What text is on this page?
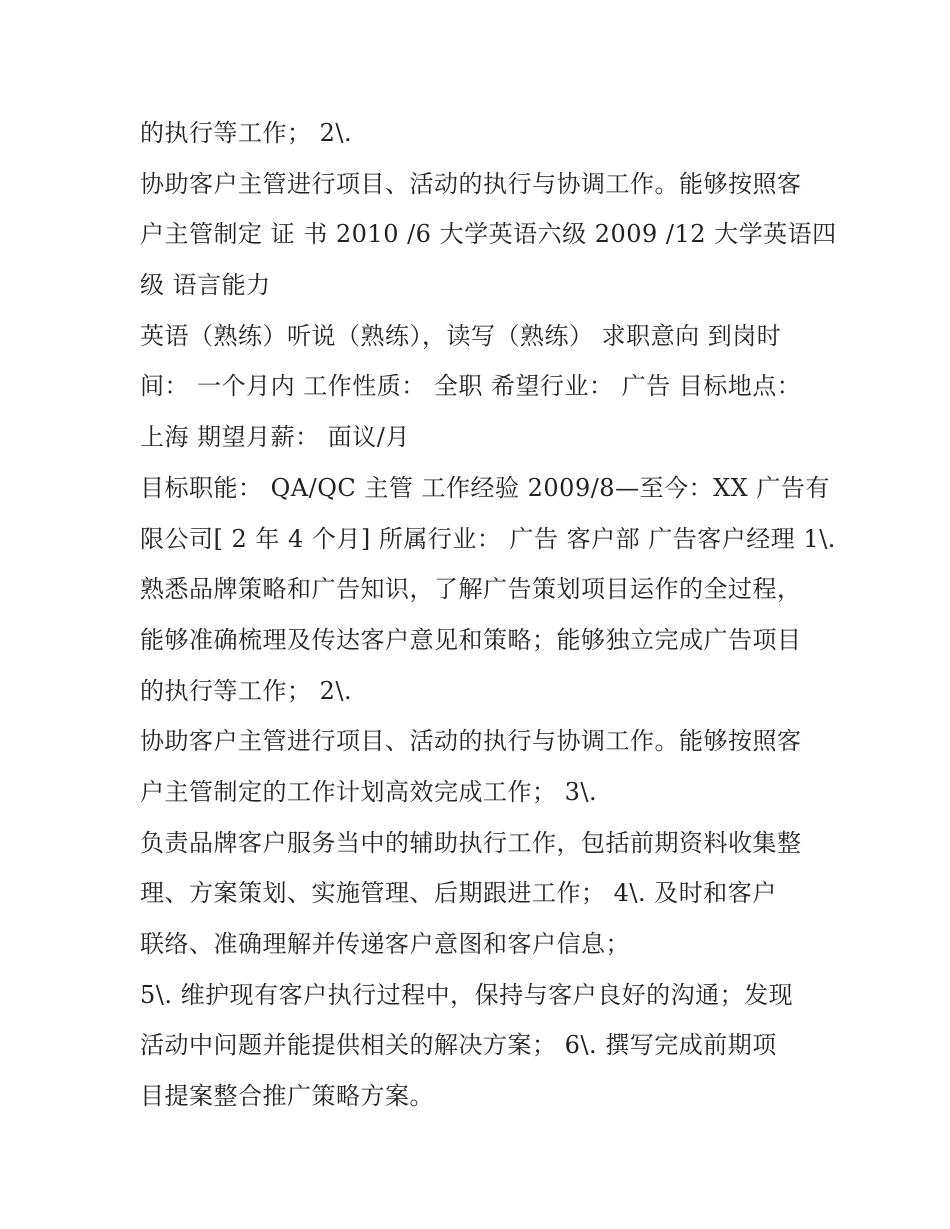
的执行等工作； 2\.

协助客户主管进行项目、活动的执行与协调工作。能够按照客

户主管制定 证 书 2010 /6 大学英语六级 2009 /12 大学英语四

级 语言能力

英语（熟练）听说（熟练），读写（熟练） 求职意向 到岗时

间： 一个月内 工作性质： 全职 希望行业： 广告 目标地点：

上海 期望月薪： 面议/月

目标职能： QA/QC 主管 工作经验 2009/8—至今：XX 广告有

限公司[ 2 年 4 个月] 所属行业： 广告 客户部 广告客户经理 1\.

熟悉品牌策略和广告知识，了解广告策划项目运作的全过程，

能够准确梳理及传达客户意见和策略；能够独立完成广告项目

的执行等工作； 2\.

协助客户主管进行项目、活动的执行与协调工作。能够按照客

户主管制定的工作计划高效完成工作； 3\.

负责品牌客户服务当中的辅助执行工作，包括前期资料收集整

理、方案策划、实施管理、后期跟进工作； 4\. 及时和客户

联络、准确理解并传递客户意图和客户信息；

5\. 维护现有客户执行过程中，保持与客户良好的沟通；发现

活动中问题并能提供相关的解决方案； 6\. 撰写完成前期项

目提案整合推广策略方案。
